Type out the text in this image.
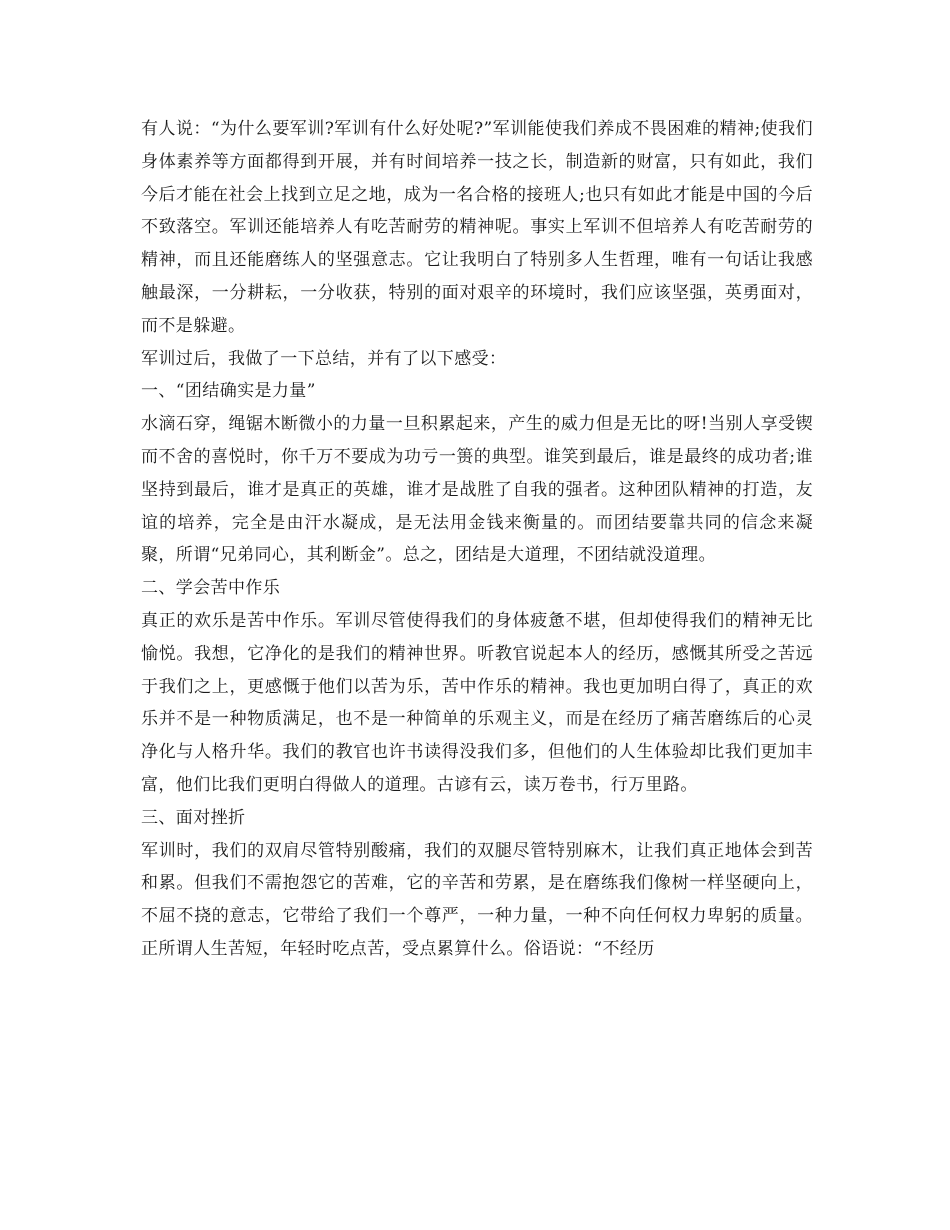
有人说：“为什么要军训?军训有什么好处呢?”军训能使我们养成不畏困难的精神;使我们身体素养等方面都得到开展，并有时间培养一技之长，制造新的财富，只有如此，我们今后才能在社会上找到立足之地，成为一名合格的接班人;也只有如此才能是中国的今后不致落空。军训还能培养人有吃苦耐劳的精神呢。事实上军训不但培养人有吃苦耐劳的精神，而且还能磨练人的坚强意志。它让我明白了特别多人生哲理，唯有一句话让我感触最深，一分耕耘，一分收获，特别的面对艰辛的环境时，我们应该坚强，英勇面对，而不是躲避。

军训过后，我做了一下总结，并有了以下感受：

一、“团结确实是力量”

水滴石穿，绳锯木断微小的力量一旦积累起来，产生的威力但是无比的呀!当别人享受锲而不舍的喜悦时，你千万不要成为功亏一篑的典型。谁笑到最后，谁是最终的成功者;谁坚持到最后，谁才是真正的英雄，谁才是战胜了自我的强者。这种团队精神的打造，友谊的培养，完全是由汗水凝成，是无法用金钱来衡量的。而团结要靠共同的信念来凝聚，所谓“兄弟同心，其利断金”。总之，团结是大道理，不团结就没道理。

二、学会苦中作乐

真正的欢乐是苦中作乐。军训尽管使得我们的身体疲惫不堪，但却使得我们的精神无比愉悦。我想，它净化的是我们的精神世界。听教官说起本人的经历，感慨其所受之苦远于我们之上，更感慨于他们以苦为乐，苦中作乐的精神。我也更加明白得了，真正的欢乐并不是一种物质满足，也不是一种简单的乐观主义，而是在经历了痛苦磨练后的心灵净化与人格升华。我们的教官也许书读得没我们多，但他们的人生体验却比我们更加丰富，他们比我们更明白得做人的道理。古谚有云，读万卷书，行万里路。

三、面对挫折

军训时，我们的双肩尽管特别酸痛，我们的双腿尽管特别麻木，让我们真正地体会到苦和累。但我们不需抱怨它的苦难，它的辛苦和劳累，是在磨练我们像树一样坚硬向上，不屈不挠的意志，它带给了我们一个尊严，一种力量，一种不向任何权力卑躬的质量。正所谓人生苦短，年轻时吃点苦，受点累算什么。俗语说：“不经历
